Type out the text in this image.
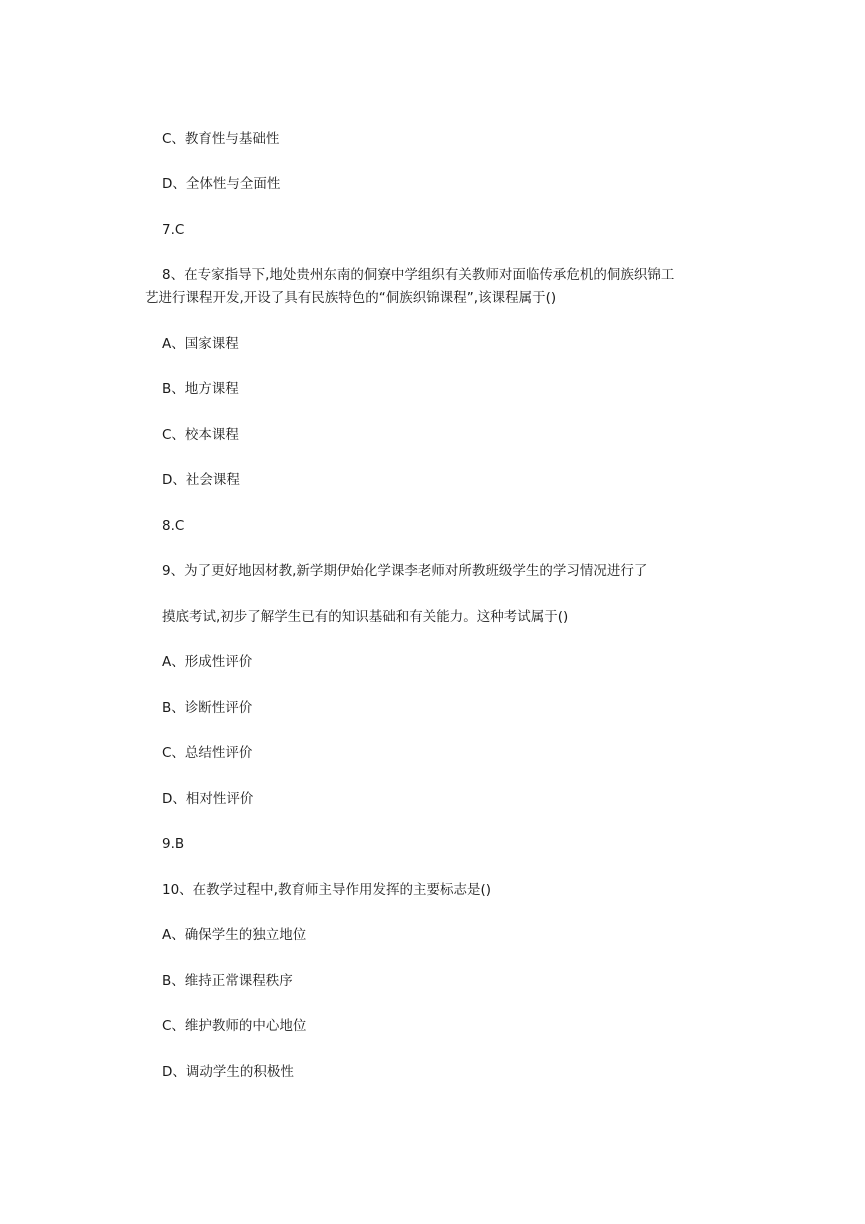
C、教育性与基础性
D、全体性与全面性
7.C
8、在专家指导下,地处贵州东南的侗寮中学组织有关教师对面临传承危机的侗族织锦工
艺进行课程开发,开设了具有民族特色的“侗族织锦课程”,该课程属于()
A、国家课程
B、地方课程
C、校本课程
D、社会课程
8.C
9、为了更好地因材教,新学期伊始化学课李老师对所教班级学生的学习情况进行了
摸底考试,初步了解学生已有的知识基础和有关能力。这种考试属于()
A、形成性评价
B、诊断性评价
C、总结性评价
D、相对性评价
9.B
10、在教学过程中,教育师主导作用发挥的主要标志是()
A、确保学生的独立地位
B、维持正常课程秩序
C、维护教师的中心地位
D、调动学生的积极性
